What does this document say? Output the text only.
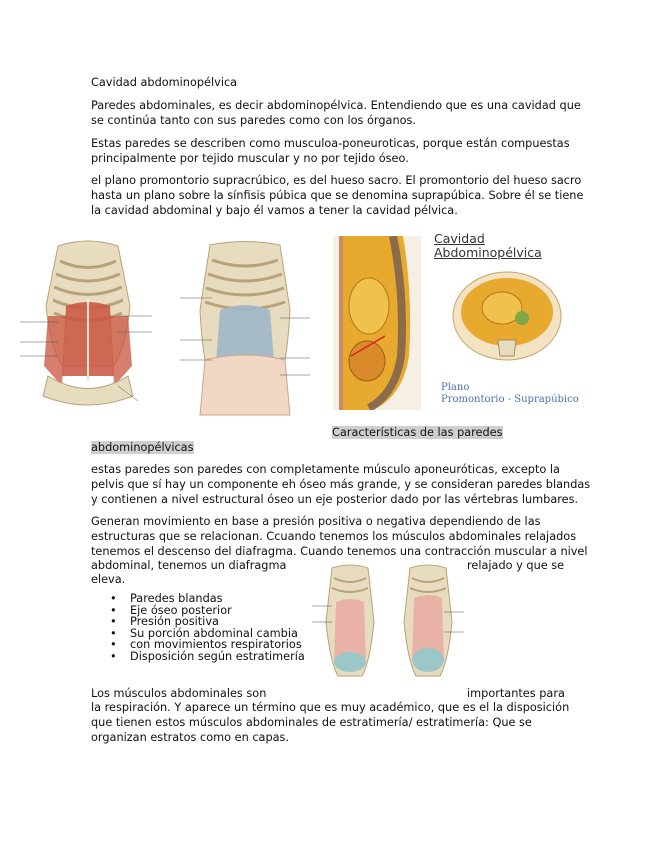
Cavidad abdominopélvica

Paredes abdominales, es decir abdominopélvica. Entendiendo que es una cavidad que

se continúa tanto con sus paredes como con los órganos.

Estas paredes se describen como musculoa-poneuroticas, porque están compuestas

principalmente por tejido muscular y no por tejido óseo.

el plano promontorio supracrúbico, es del hueso sacro. El promontorio del hueso sacro

hasta un plano sobre la sínfisis púbica que se denomina suprapúbica. Sobre él se tiene

la cavidad abdominal y bajo él vamos a tener la cavidad pélvica.

Cavidad
Abdominopélvica
Plano
Promontorio - Suprapúbico

Características de las paredes

abdominopélvicas

estas paredes son paredes con completamente músculo aponeuróticas, excepto la

pelvis que sí hay un componente eh óseo más grande, y se consideran paredes blandas

y contienen a nivel estructural óseo un eje posterior dado por las vértebras lumbares.

Generan movimiento en base a presión positiva o negativa dependiendo de las

estructuras que se relacionan. Ccuando tenemos los músculos abdominales relajados

tenemos el descenso del diafragma. Cuando tenemos una contracción muscular a nivel

abdominal, tenemos un diafragma	relajado y que se

eleva.

• Paredes blandas
• Eje óseo posterior
• Presión positiva
• Su porción abdominal cambia
• con movimientos respiratorios
• Disposición según estratimería

Los músculos abdominales son	importantes para

la respiración. Y aparece un término que es muy académico, que es el la disposición

que tienen estos músculos abdominales de estratimería/ estratimería: Que se

organizan estratos como en capas.
